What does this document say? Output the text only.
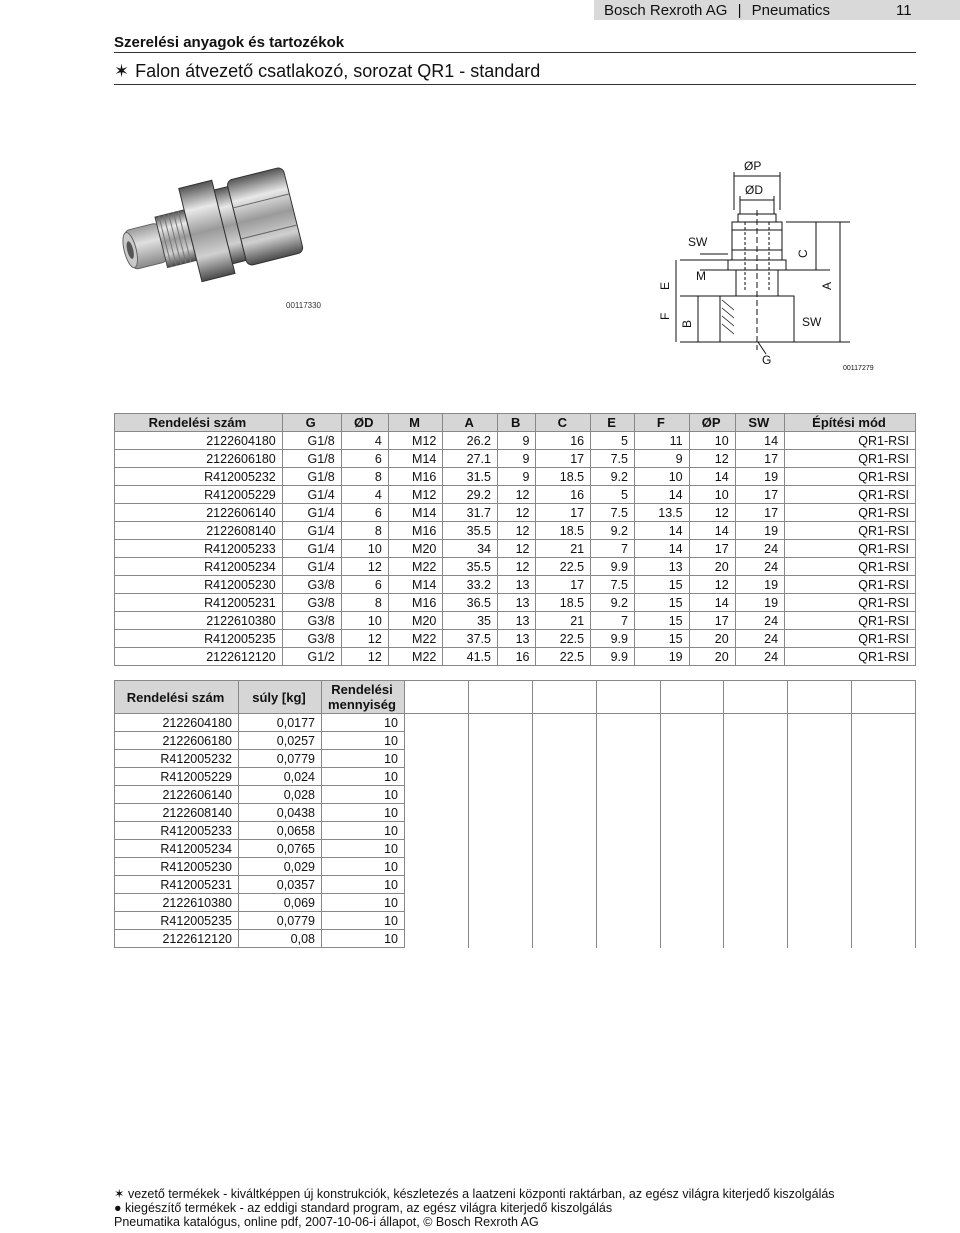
Bosch Rexroth AG | Pneumatics	11
Szerelési anyagok és tartozékok
✶ Falon átvezető csatlakozó, sorozat QR1 - standard
00117330
ØP
ØD
SW
M
G
SW
C
A
E
F
B
00117279
Rendelési szám	G	ØD	M	A	B	C	E	F	ØP	SW	Építési mód
2122604180	G1/8	4	M12	26.2	9	16	5	11	10	14	QR1-RSI
2122606180	G1/8	6	M14	27.1	9	17	7.5	9	12	17	QR1-RSI
R412005232	G1/8	8	M16	31.5	9	18.5	9.2	10	14	19	QR1-RSI
R412005229	G1/4	4	M12	29.2	12	16	5	14	10	17	QR1-RSI
2122606140	G1/4	6	M14	31.7	12	17	7.5	13.5	12	17	QR1-RSI
2122608140	G1/4	8	M16	35.5	12	18.5	9.2	14	14	19	QR1-RSI
R412005233	G1/4	10	M20	34	12	21	7	14	17	24	QR1-RSI
R412005234	G1/4	12	M22	35.5	12	22.5	9.9	13	20	24	QR1-RSI
R412005230	G3/8	6	M14	33.2	13	17	7.5	15	12	19	QR1-RSI
R412005231	G3/8	8	M16	36.5	13	18.5	9.2	15	14	19	QR1-RSI
2122610380	G3/8	10	M20	35	13	21	7	15	17	24	QR1-RSI
R412005235	G3/8	12	M22	37.5	13	22.5	9.9	15	20	24	QR1-RSI
2122612120	G1/2	12	M22	41.5	16	22.5	9.9	19	20	24	QR1-RSI
Rendelési szám	súly [kg]	Rendelési mennyiség								
2122604180	0,0177	10								
2122606180	0,0257	10								
R412005232	0,0779	10								
R412005229	0,024	10								
2122606140	0,028	10								
2122608140	0,0438	10								
R412005233	0,0658	10								
R412005234	0,0765	10								
R412005230	0,029	10								
R412005231	0,0357	10								
2122610380	0,069	10								
R412005235	0,0779	10								
2122612120	0,08	10								
✶ vezető termékek - kiváltképpen új konstrukciók, készletezés a laatzeni központi raktárban, az egész világra kiterjedő kiszolgálás
● kiegészítő termékek - az eddigi standard program, az egész világra kiterjedő kiszolgálás
Pneumatika katalógus, online pdf, 2007-10-06-i állapot, © Bosch Rexroth AG
